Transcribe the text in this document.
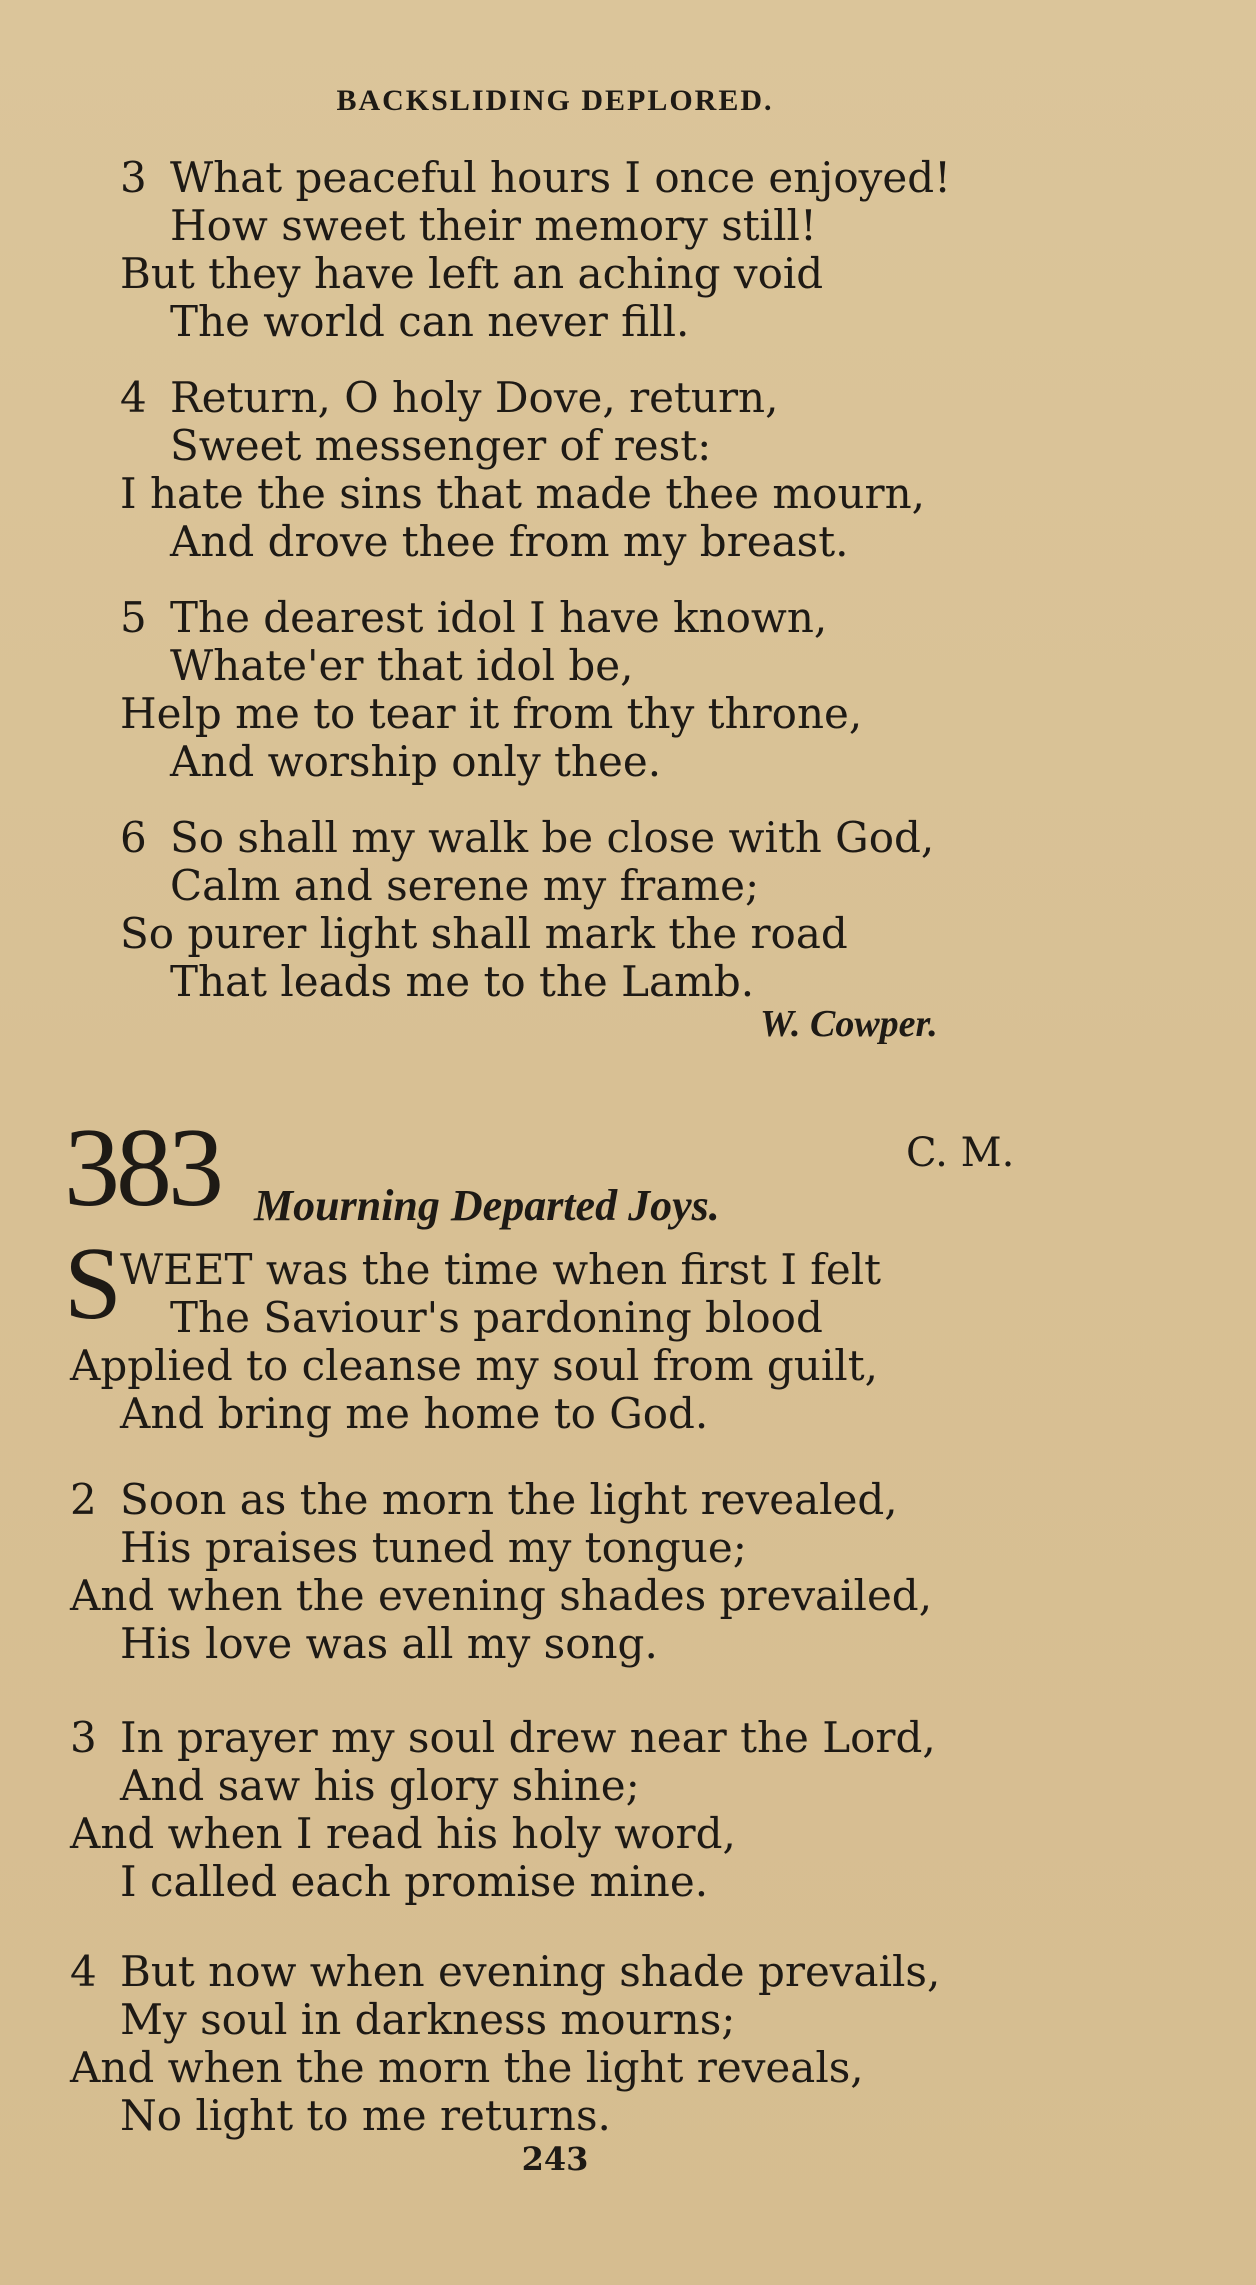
BACKSLIDING DEPLORED.
3 What peaceful hours I once enjoyed!
How sweet their memory still!
But they have left an aching void
The world can never fill.
4 Return, O holy Dove, return,
Sweet messenger of rest:
I hate the sins that made thee mourn,
And drove thee from my breast.
5 The dearest idol I have known,
Whate'er that idol be,
Help me to tear it from thy throne,
And worship only thee.
6 So shall my walk be close with God,
Calm and serene my frame;
So purer light shall mark the road
That leads me to the Lamb.
W. Cowper.
383	C. M.
Mourning Departed Joys.
S
WEET was the time when first I felt
The Saviour's pardoning blood
Applied to cleanse my soul from guilt,
And bring me home to God.
2 Soon as the morn the light revealed,
His praises tuned my tongue;
And when the evening shades prevailed,
His love was all my song.
3 In prayer my soul drew near the Lord,
And saw his glory shine;
And when I read his holy word,
I called each promise mine.
4 But now when evening shade prevails,
My soul in darkness mourns;
And when the morn the light reveals,
No light to me returns.
243
